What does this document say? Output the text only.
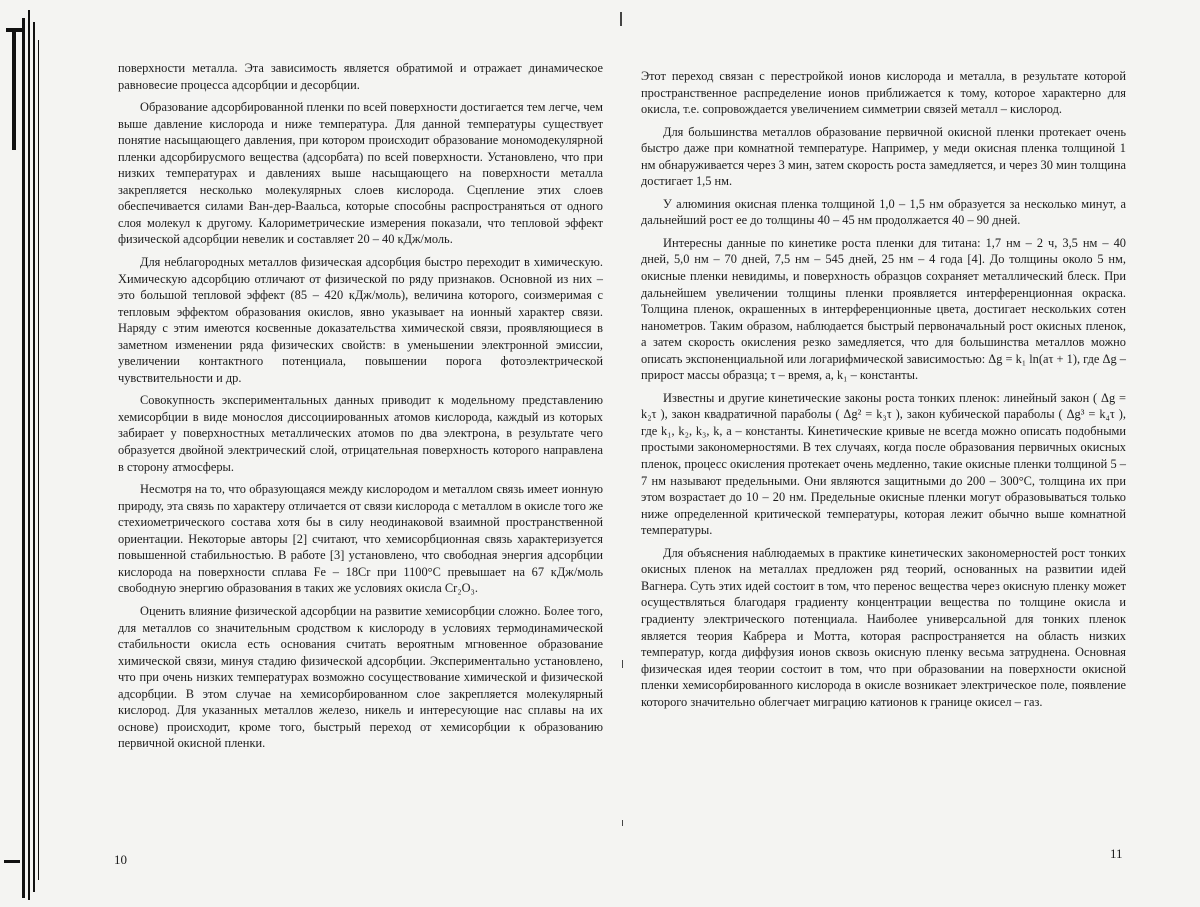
поверхности металла. Эта зависимость является обратимой и отражает динамическое равновесие процесса адсорбции и десорбции.

Образование адсорбированной пленки по всей поверхности достигается тем легче, чем выше давление кислорода и ниже температура. Для данной температуры существует понятие насыщающего давления, при котором происходит образование мономодекулярной пленки адсорбирусмого вещества (адсорбата) по всей поверхности. Установлено, что при низких температурах и давлениях выше насыщающего на поверхности металла закрепляется несколько молекулярных слоев кислорода. Сцепление этих слоев обеспечивается силами Ван-дер-Ваальса, которые способны распространяться от одного слоя молекул к другому. Калориметрические измерения показали, что тепловой эффект физической адсорбции невелик и составляет 20 – 40 кДж/моль.

Для неблагородных металлов физическая адсорбция быстро переходит в химическую. Химическую адсорбцию отличают от физической по ряду признаков. Основной из них – это большой тепловой эффект (85 – 420 кДж/моль), величина которого, соизмеримая с тепловым эффектом образования окислов, явно указывает на ионный характер связи. Наряду с этим имеются косвенные доказательства химической связи, проявляющиеся в заметном изменении ряда физических свойств: в уменьшении электронной эмиссии, увеличении контактного потенциала, повышении порога фотоэлектрической чувствительности и др.

Совокупность экспериментальных данных приводит к модельному представлению хемисорбции в виде монослоя диссоциированных атомов кислорода, каждый из которых забирает у поверхностных металлических атомов по два электрона, в результате чего образуется двойной электрический слой, отрицательная поверхность которого направлена в сторону атмосферы.

Несмотря на то, что образующаяся между кислородом и металлом связь имеет ионную природу, эта связь по характеру отличается от связи кислорода с металлом в окисле того же стехиометрического состава хотя бы в силу неодинаковой взаимной пространственной ориентации. Некоторые авторы [2] считают, что хемисорбционная связь характеризуется повышенной стабильностью. В работе [3] установлено, что свободная энергия адсорбции кислорода на поверхности сплава Fe – 18Cr при 1100°C превышает на 67 кДж/моль свободную энергию образования в таких же условиях окисла Cr₂O₃.

Оценить влияние физической адсорбции на развитие хемисорбции сложно. Более того, для металлов со значительным сродством к кислороду в условиях термодинамической стабильности окисла есть основания считать вероятным мгновенное образование химической связи, минуя стадию физической адсорбции. Экспериментально установлено, что при очень низких температурах возможно сосуществование химической и физической адсорбции. В этом случае на хемисорбированном слое закрепляется молекулярный кислород. Для указанных металлов железо, никель и интересующие нас сплавы на их основе) происходит, кроме того, быстрый переход от хемисорбции к образованию первичной окисной пленки.

10

Этот переход связан с перестройкой ионов кислорода и металла, в результате которой пространственное распределение ионов приближается к тому, которое характерно для окисла, т.е. сопровождается увеличением симметрии связей металл – кислород.

Для большинства металлов образование первичной окисной пленки протекает очень быстро даже при комнатной температуре. Например, у меди окисная пленка толщиной 1 нм обнаруживается через 3 мин, затем скорость роста замедляется, и через 30 мин толщина достигает 1,5 нм.

У алюминия окисная пленка толщиной 1,0 – 1,5 нм образуется за несколько минут, а дальнейший рост ее до толщины 40 – 45 нм продолжается 40 – 90 дней.

Интересны данные по кинетике роста пленки для титана: 1,7 нм – 2 ч, 3,5 нм – 40 дней, 5,0 нм – 70 дней, 7,5 нм – 545 дней, 25 нм – 4 года [4]. До толщины около 5 нм, окисные пленки невидимы, и поверхность образцов сохраняет металлический блеск. При дальнейшем увеличении толщины пленки проявляется интерференционная окраска. Толщина пленок, окрашенных в интерференционные цвета, достигает нескольких сотен нанометров. Таким образом, наблюдается быстрый первоначальный рост окисных пленок, а затем скорость окисления резко замедляется, что для большинства металлов можно описать экспоненциальной или логарифмической зависимостью: Δg = k₁ ln(aτ + 1), где Δg – прирост массы образца; τ – время, a, k₁ – константы.

Известны и другие кинетические законы роста тонких пленок: линейный закон ( Δg = k₂τ ), закон квадратичной параболы ( Δg² = k₃τ ), закон кубической параболы ( Δg³ = k₄τ ), где k₁, k₂, k₃, k, a – константы. Кинетические кривые не всегда можно описать подобными простыми закономерностями. В тех случаях, когда после образования первичных окисных пленок, процесс окисления протекает очень медленно, такие окисные пленки толщиной 5 – 7 нм называют предельными. Они являются защитными до 200 – 300°C, толщина их при этом возрастает до 10 – 20 нм. Предельные окисные пленки могут образовываться только ниже определенной критической температуры, которая лежит обычно выше комнатной температуры.

Для объяснения наблюдаемых в практике кинетических закономерностей рост тонких окисных пленок на металлах предложен ряд теорий, основанных на развитии идей Вагнера. Суть этих идей состоит в том, что перенос вещества через окисную пленку может осуществляться благодаря градиенту концентрации вещества по толщине окисла и градиенту электрического потенциала. Наиболее универсальной для тонких пленок является теория Кабрера и Мотта, которая распространяется на область низких температур, когда диффузия ионов сквозь окисную пленку весьма затруднена. Основная физическая идея теории состоит в том, что при образовании на поверхности окисной пленки хемисорбированного кислорода в окисле возникает электрическое поле, появление которого значительно облегчает миграцию катионов к границе окисел – газ.

11
